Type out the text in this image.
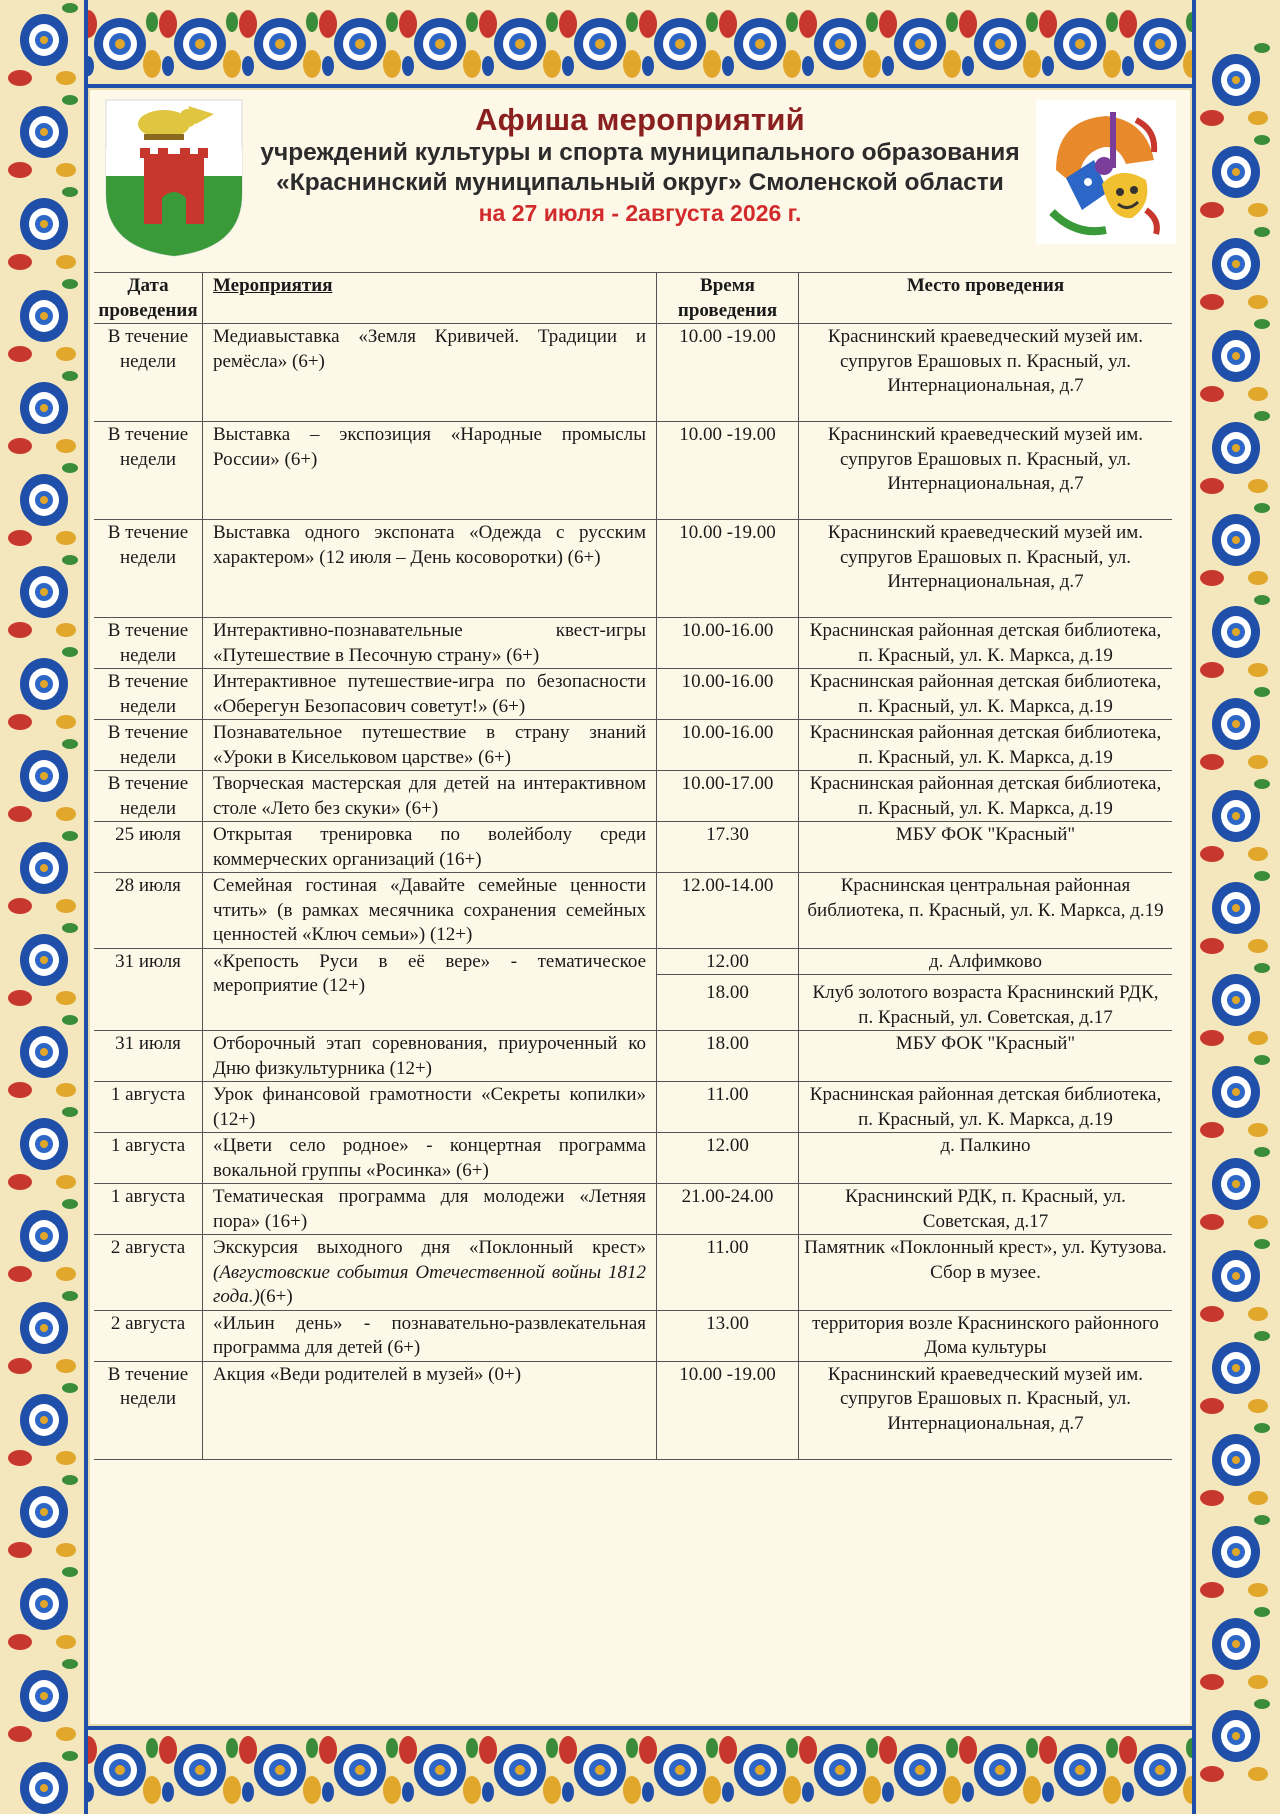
Афиша мероприятий
учреждений культуры и спорта муниципального образования
«Краснинский муниципальный округ» Смоленской области
на 27 июля - 2августа 2026 г.
Дата проведения	Мероприятия	Время проведения	Место проведения
В течение недели	Медиавыставка «Земля Кривичей. Традиции и ремёсла» (6+)	10.00 -19.00	Краснинский краеведческий музей им. супругов Ерашовых п. Красный, ул. Интернациональная, д.7
В течение недели	Выставка – экспозиция «Народные промыслы России» (6+)	10.00 -19.00	Краснинский краеведческий музей им. супругов Ерашовых п. Красный, ул. Интернациональная, д.7
В течение недели	Выставка одного экспоната «Одежда с русским характером» (12 июля – День косоворотки) (6+)	10.00 -19.00	Краснинский краеведческий музей им. супругов Ерашовых п. Красный, ул. Интернациональная, д.7
В течение недели	Интерактивно-познавательные квест-игры «Путешествие в Песочную страну» (6+)	10.00-16.00	Краснинская районная детская библиотека, п. Красный, ул. К. Маркса, д.19
В течение недели	Интерактивное путешествие-игра по безопасности «Оберегун Безопасович советут!» (6+)	10.00-16.00	Краснинская районная детская библиотека, п. Красный, ул. К. Маркса, д.19
В течение недели	Познавательное путешествие в страну знаний «Уроки в Кисельковом царстве» (6+)	10.00-16.00	Краснинская районная детская библиотека, п. Красный, ул. К. Маркса, д.19
В течение недели	Творческая мастерская для детей на интерактивном столе «Лето без скуки» (6+)	10.00-17.00	Краснинская районная детская библиотека, п. Красный, ул. К. Маркса, д.19
25 июля	Открытая тренировка по волейболу среди коммерческих организаций (16+)	17.30	МБУ ФОК "Красный"
28 июля	Семейная гостиная «Давайте семейные ценности чтить» (в рамках месячника сохранения семейных ценностей «Ключ семьи») (12+)	12.00-14.00	Краснинская центральная районная библиотека, п. Красный, ул. К. Маркса, д.19
31 июля	«Крепость Руси в её вере» - тематическое мероприятие (12+)	12.00	д. Алфимково
		18.00	Клуб золотого возраста Краснинский РДК, п. Красный, ул. Советская, д.17
31 июля	Отборочный этап соревнования, приуроченный ко Дню физкультурника (12+)	18.00	МБУ ФОК "Красный"
1 августа	Урок финансовой грамотности «Секреты копилки» (12+)	11.00	Краснинская районная детская библиотека, п. Красный, ул. К. Маркса, д.19
1 августа	«Цвети село родное» - концертная программа вокальной группы «Росинка» (6+)	12.00	д. Палкино
1 августа	Тематическая программа для молодежи «Летняя пора» (16+)	21.00-24.00	Краснинский РДК, п. Красный, ул. Советская, д.17
2 августа	Экскурсия выходного дня «Поклонный крест» (Августовские события Отечественной войны 1812 года.)(6+)	11.00	Памятник «Поклонный крест», ул. Кутузова. Сбор в музее.
2 августа	«Ильин день» - познавательно-развлекательная программа для детей (6+)	13.00	территория возле Краснинского районного Дома культуры
В течение недели	Акция «Веди родителей в музей» (0+)	10.00 -19.00	Краснинский краеведческий музей им. супругов Ерашовых п. Красный, ул. Интернациональная, д.7
